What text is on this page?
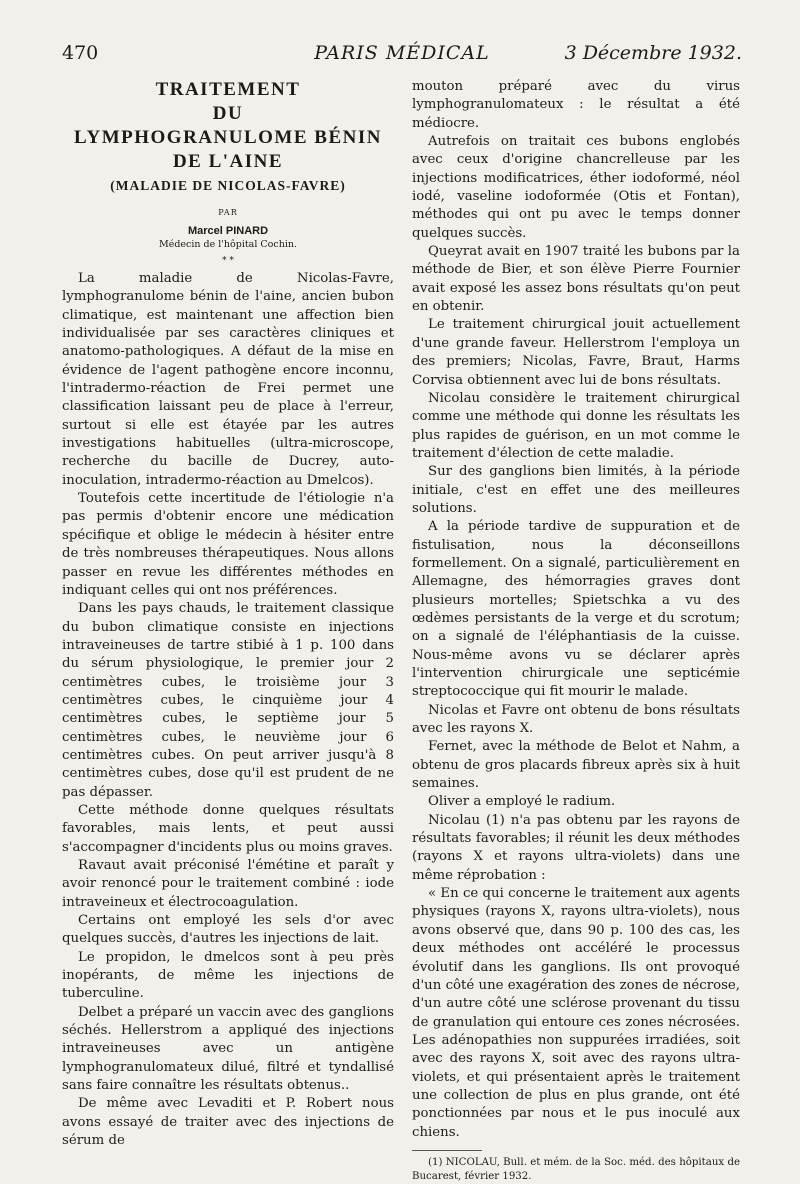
470	PARIS MÉDICAL	3 Décembre 1932.
TRAITEMENT
DU
LYMPHOGRANULOME BÉNIN
DE L'AINE
(MALADIE DE NICOLAS-FAVRE)
PAR
Marcel PINARD
Médecin de l'hôpital Cochin.
* *

La maladie de Nicolas-Favre, lymphogranulome bénin de l'aine, ancien bubon climatique, est maintenant une affection bien individualisée par ses caractères cliniques et anatomo-pathologiques. A défaut de la mise en évidence de l'agent pathogène encore inconnu, l'intradermo-réaction de Frei permet une classification laissant peu de place à l'erreur, surtout si elle est étayée par les autres investigations habituelles (ultra-microscope, recherche du bacille de Ducrey, auto-inoculation, intradermo-réaction au Dmelcos).

Toutefois cette incertitude de l'étiologie n'a pas permis d'obtenir encore une médication spécifique et oblige le médecin à hésiter entre de très nombreuses thérapeutiques. Nous allons passer en revue les différentes méthodes en indiquant celles qui ont nos préférences.

Dans les pays chauds, le traitement classique du bubon climatique consiste en injections intraveineuses de tartre stibié à 1 p. 100 dans du sérum physiologique, le premier jour 2 centimètres cubes, le troisième jour 3 centimètres cubes, le cinquième jour 4 centimètres cubes, le septième jour 5 centimètres cubes, le neuvième jour 6 centimètres cubes. On peut arriver jusqu'à 8 centimètres cubes, dose qu'il est prudent de ne pas dépasser.

Cette méthode donne quelques résultats favorables, mais lents, et peut aussi s'accompagner d'incidents plus ou moins graves.

Ravaut avait préconisé l'émétine et paraît y avoir renoncé pour le traitement combiné : iode intraveineux et électrocoagulation.

Certains ont employé les sels d'or avec quelques succès, d'autres les injections de lait.

Le propidon, le dmelcos sont à peu près inopérants, de même les injections de tuberculine.

Delbet a préparé un vaccin avec des ganglions séchés. Hellerstrom a appliqué des injections intraveineuses avec un antigène lymphogranulomateux dilué, filtré et tyndallisé sans faire connaître les résultats obtenus..

De même avec Levaditi et P. Robert nous avons essayé de traiter avec des injections de sérum de

mouton préparé avec du virus lymphogranulomateux : le résultat a été médiocre.

Autrefois on traitait ces bubons englobés avec ceux d'origine chancrelleuse par les injections modificatrices, éther iodoformé, néol iodé, vaseline iodoformée (Otis et Fontan), méthodes qui ont pu avec le temps donner quelques succès.

Queyrat avait en 1907 traité les bubons par la méthode de Bier, et son élève Pierre Fournier avait exposé les assez bons résultats qu'on peut en obtenir.

Le traitement chirurgical jouit actuellement d'une grande faveur. Hellerstrom l'employa un des premiers; Nicolas, Favre, Braut, Harms Corvisa obtiennent avec lui de bons résultats.

Nicolau considère le traitement chirurgical comme une méthode qui donne les résultats les plus rapides de guérison, en un mot comme le traitement d'élection de cette maladie.

Sur des ganglions bien limités, à la période initiale, c'est en effet une des meilleures solutions.

A la période tardive de suppuration et de fistulisation, nous la déconseillons formellement. On a signalé, particulièrement en Allemagne, des hémorragies graves dont plusieurs mortelles; Spietschka a vu des œdèmes persistants de la verge et du scrotum; on a signalé de l'éléphantiasis de la cuisse. Nous-même avons vu se déclarer après l'intervention chirurgicale une septicémie streptococcique qui fit mourir le malade.

Nicolas et Favre ont obtenu de bons résultats avec les rayons X.

Fernet, avec la méthode de Belot et Nahm, a obtenu de gros placards fibreux après six à huit semaines.

Oliver a employé le radium.

Nicolau (1) n'a pas obtenu par les rayons de résultats favorables; il réunit les deux méthodes (rayons X et rayons ultra-violets) dans une même réprobation :

« En ce qui concerne le traitement aux agents physiques (rayons X, rayons ultra-violets), nous avons observé que, dans 90 p. 100 des cas, les deux méthodes ont accéléré le processus évolutif dans les ganglions. Ils ont provoqué d'un côté une exagération des zones de nécrose, d'un autre côté une sclérose provenant du tissu de granulation qui entoure ces zones nécrosées. Les adénopathies non suppurées irradiées, soit avec des rayons X, soit avec des rayons ultra-violets, et qui présentaient après le traitement une collection de plus en plus grande, ont été ponctionnées par nous et le pus inoculé aux chiens.

(1) NICOLAU, Bull. et mém. de la Soc. méd. des hôpitaux de Bucarest, février 1932.
